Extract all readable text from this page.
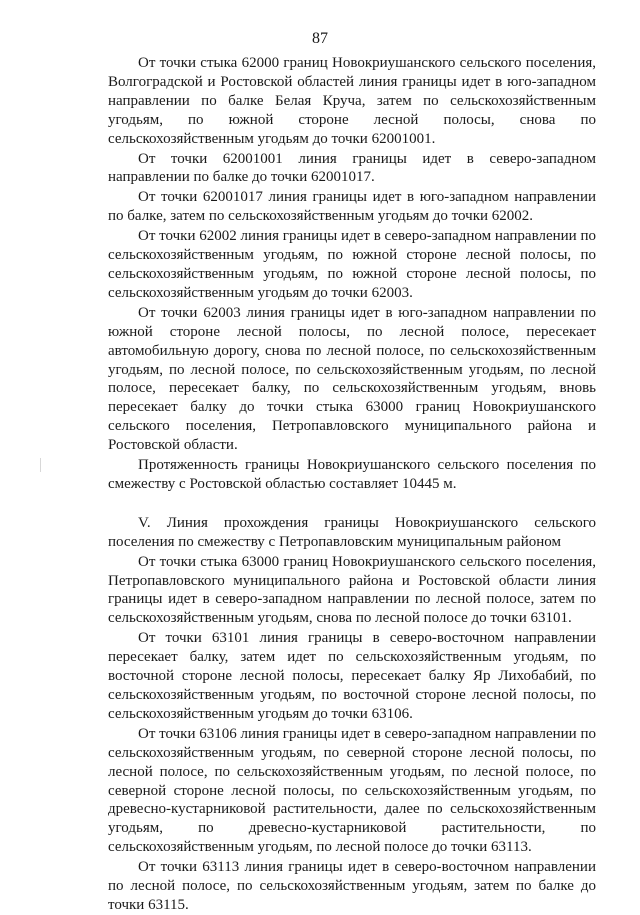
87

От точки стыка 62000 границ Новокриушанского сельского поселения, Волгоградской и Ростовской областей линия границы идет в юго-западном направлении по балке Белая Круча, затем по сельскохозяйственным угодьям, по южной стороне лесной полосы, снова по сельскохозяйственным угодьям до точки 62001001.

От точки 62001001 линия границы идет в северо-западном направлении по балке до точки 62001017.

От точки 62001017 линия границы идет в юго-западном направлении по балке, затем по сельскохозяйственным угодьям до точки 62002.

От точки 62002 линия границы идет в северо-западном направлении по сельскохозяйственным угодьям, по южной стороне лесной полосы, по сельскохозяйственным угодьям, по южной стороне лесной полосы, по сельскохозяйственным угодьям до точки 62003.

От точки 62003 линия границы идет в юго-западном направлении по южной стороне лесной полосы, по лесной полосе, пересекает автомобильную дорогу, снова по лесной полосе, по сельскохозяйственным угодьям, по лесной полосе, по сельскохозяйственным угодьям, по лесной полосе, пересекает балку, по сельскохозяйственным угодьям, вновь пересекает балку до точки стыка 63000 границ Новокриушанского сельского поселения, Петропавловского муниципального района и Ростовской области.

Протяженность границы Новокриушанского сельского поселения по смежеству с Ростовской областью составляет 10445 м.

V. Линия прохождения границы Новокриушанского сельского поселения по смежеству с Петропавловским муниципальным районом

От точки стыка 63000 границ Новокриушанского сельского поселения, Петропавловского муниципального района и Ростовской области линия границы идет в северо-западном направлении по лесной полосе, затем по сельскохозяйственным угодьям, снова по лесной полосе до точки 63101.

От точки 63101 линия границы в северо-восточном направлении пересекает балку, затем идет по сельскохозяйственным угодьям, по восточной стороне лесной полосы, пересекает балку Яр Лихобабий, по сельскохозяйственным угодьям, по восточной стороне лесной полосы, по сельскохозяйственным угодьям до точки 63106.

От точки 63106 линия границы идет в северо-западном направлении по сельскохозяйственным угодьям, по северной стороне лесной полосы, по лесной полосе, по сельскохозяйственным угодьям, по лесной полосе, по северной стороне лесной полосы, по сельскохозяйственным угодьям, по древесно-кустарниковой растительности, далее по сельскохозяйственным угодьям, по древесно-кустарниковой растительности, по сельскохозяйственным угодьям, по лесной полосе до точки 63113.

От точки 63113 линия границы идет в северо-восточном направлении по лесной полосе, по сельскохозяйственным угодьям, затем по балке до точки 63115.
